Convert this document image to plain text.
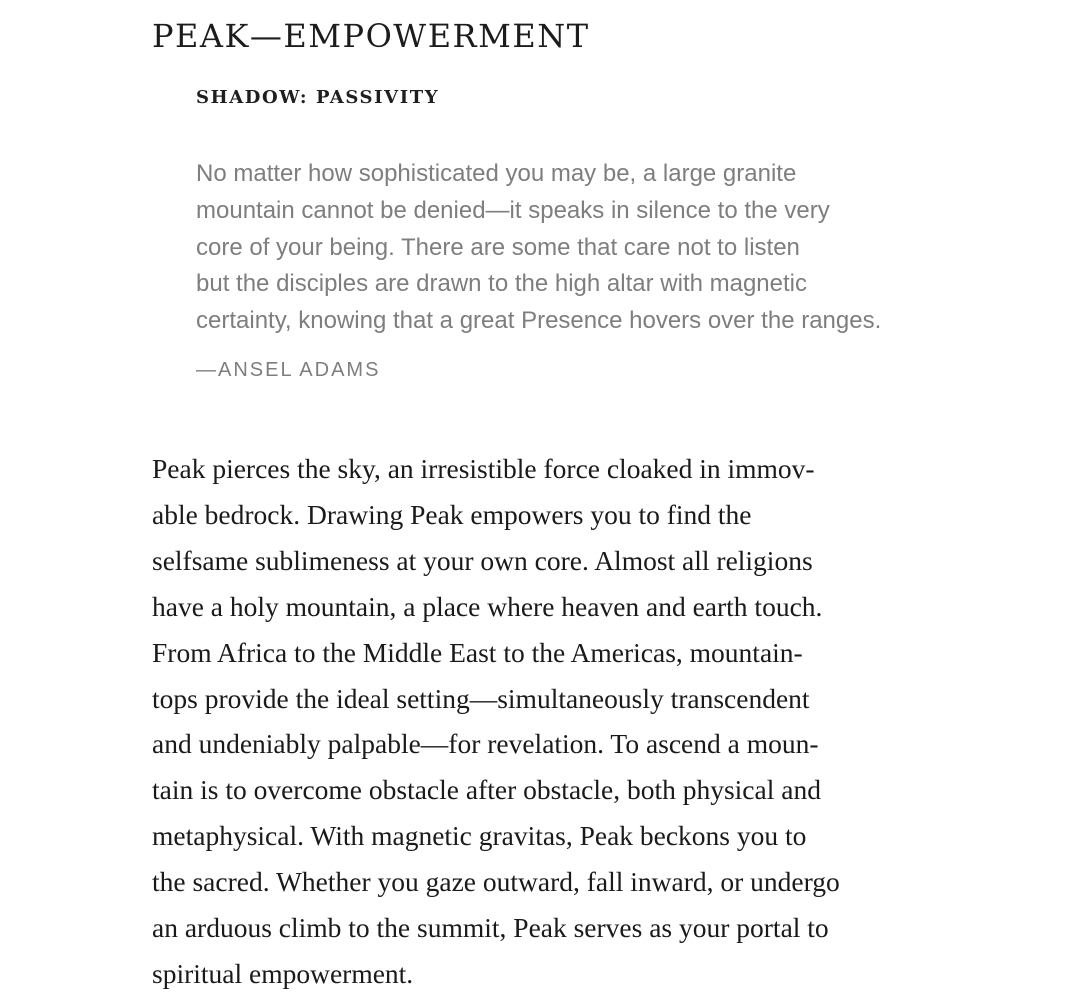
PEAK—EMPOWERMENT
SHADOW: PASSIVITY
No matter how sophisticated you may be, a large granite
mountain cannot be denied—it speaks in silence to the very
core of your being. There are some that care not to listen
but the disciples are drawn to the high altar with magnetic
certainty, knowing that a great Presence hovers over the ranges.

—ANSEL ADAMS

Peak pierces the sky, an irresistible force cloaked in immov-
able bedrock. Drawing Peak empowers you to find the
selfsame sublimeness at your own core. Almost all religions
have a holy mountain, a place where heaven and earth touch.
From Africa to the Middle East to the Americas, mountain-
tops provide the ideal setting—simultaneously transcendent
and undeniably palpable—for revelation. To ascend a moun-
tain is to overcome obstacle after obstacle, both physical and
metaphysical. With magnetic gravitas, Peak beckons you to
the sacred. Whether you gaze outward, fall inward, or undergo
an arduous climb to the summit, Peak serves as your portal to
spiritual empowerment.
